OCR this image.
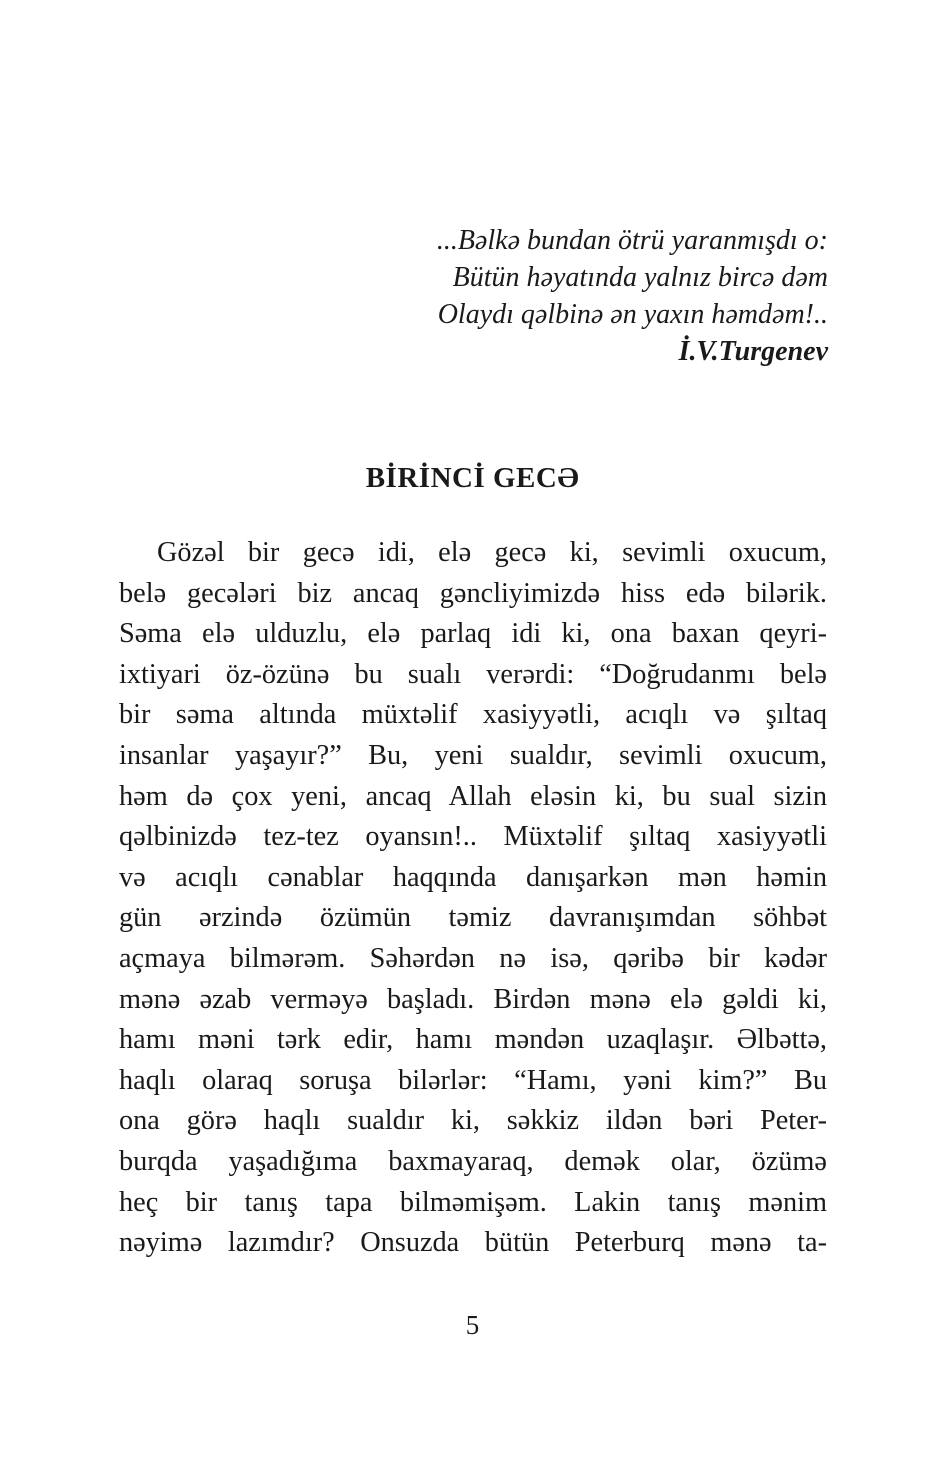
...Bəlkə bundan ötrü yaranmışdı o:
Bütün həyatında yalnız bircə dəm
Olaydı qəlbinə ən yaxın həmdəm!..
İ.V.Turgenev
BİRİNCİ GECƏ
Gözəl bir gecə idi, elə gecə ki, sevimli oxucum,
belə gecələri biz ancaq gəncliyimizdə hiss edə bilərik.
Səma elə ulduzlu, elə parlaq idi ki, ona baxan qeyri-
ixtiyari öz-özünə bu sualı verərdi: “Doğrudanmı belə
bir səma altında müxtəlif xasiyyətli, acıqlı və şıltaq
insanlar yaşayır?” Bu, yeni sualdır, sevimli oxucum,
həm də çox yeni, ancaq Allah eləsin ki, bu sual sizin
qəlbinizdə tez-tez oyansın!.. Müxtəlif şıltaq xasiyyətli
və acıqlı cənablar haqqında danışarkən mən həmin
gün ərzində özümün təmiz davranışımdan söhbət
açmaya bilmərəm. Səhərdən nə isə, qəribə bir kədər
mənə əzab verməyə başladı. Birdən mənə elə gəldi ki,
hamı məni tərk edir, hamı məndən uzaqlaşır. Əlbəttə,
haqlı olaraq soruşa bilərlər: “Hamı, yəni kim?” Bu
ona görə haqlı sualdır ki, səkkiz ildən bəri Peter-
burqda yaşadığıma baxmayaraq, demək olar, özümə
heç bir tanış tapa bilməmişəm. Lakin tanış mənim
nəyimə lazımdır? Onsuzda bütün Peterburq mənə ta-
5
